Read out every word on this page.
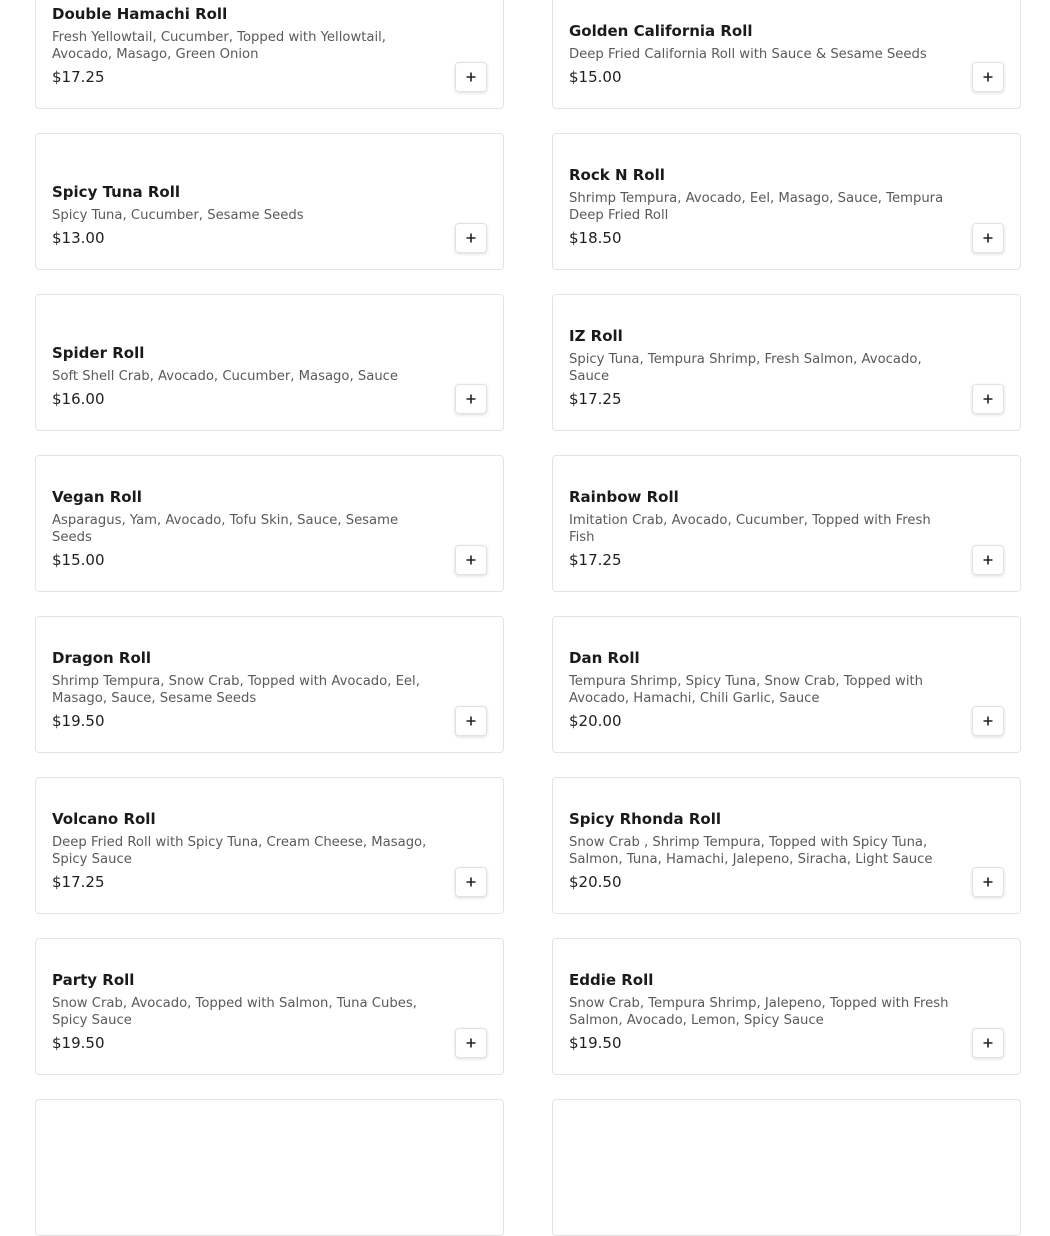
Double Hamachi Roll
Fresh Yellowtail, Cucumber, Topped with Yellowtail, Avocado, Masago, Green Onion
$17.25
Golden California Roll
Deep Fried California Roll with Sauce & Sesame Seeds
$15.00
Spicy Tuna Roll
Spicy Tuna, Cucumber, Sesame Seeds
$13.00
Rock N Roll
Shrimp Tempura, Avocado, Eel, Masago, Sauce, Tempura Deep Fried Roll
$18.50
Spider Roll
Soft Shell Crab, Avocado, Cucumber, Masago, Sauce
$16.00
IZ Roll
Spicy Tuna, Tempura Shrimp, Fresh Salmon, Avocado, Sauce
$17.25
Vegan Roll
Asparagus, Yam, Avocado, Tofu Skin, Sauce, Sesame Seeds
$15.00
Rainbow Roll
Imitation Crab, Avocado, Cucumber, Topped with Fresh Fish
$17.25
Dragon Roll
Shrimp Tempura, Snow Crab, Topped with Avocado, Eel, Masago, Sauce, Sesame Seeds
$19.50
Dan Roll
Tempura Shrimp, Spicy Tuna, Snow Crab, Topped with Avocado, Hamachi, Chili Garlic, Sauce
$20.00
Volcano Roll
Deep Fried Roll with Spicy Tuna, Cream Cheese, Masago, Spicy Sauce
$17.25
Spicy Rhonda Roll
Snow Crab , Shrimp Tempura, Topped with Spicy Tuna, Salmon, Tuna, Hamachi, Jalepeno, Siracha, Light Sauce
$20.50
Party Roll
Snow Crab, Avocado, Topped with Salmon, Tuna Cubes, Spicy Sauce
$19.50
Eddie Roll
Snow Crab, Tempura Shrimp, Jalepeno, Topped with Fresh Salmon, Avocado, Lemon, Spicy Sauce
$19.50
